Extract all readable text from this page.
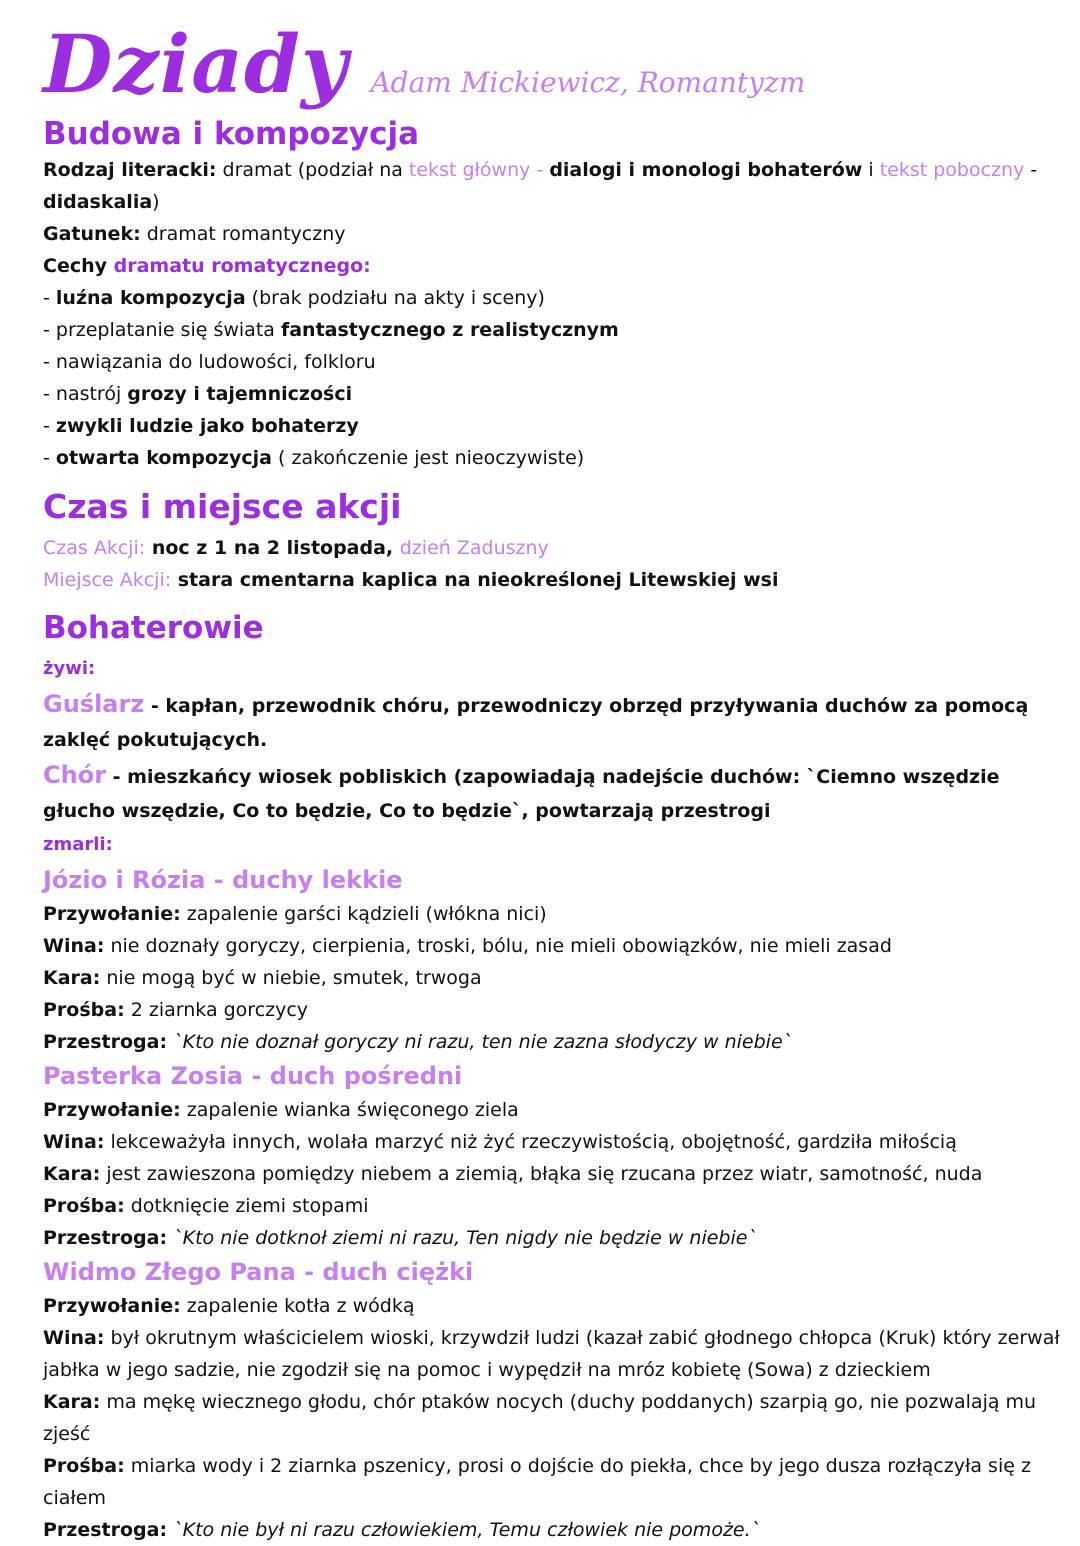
Dziady Adam Mickiewicz, Romantyzm
Budowa i kompozycja
Rodzaj literacki: dramat (podział na tekst główny - dialogi i monologi bohaterów i tekst poboczny -
didaskalia)
Gatunek: dramat romantyczny
Cechy dramatu romatycznego:
- luźna kompozycja (brak podziału na akty i sceny)
- przeplatanie się świata fantastycznego z realistycznym
- nawiązania do ludowości, folkloru
- nastrój grozy i tajemniczości
- zwykli ludzie jako bohaterzy
- otwarta kompozycja ( zakończenie jest nieoczywiste)
Czas i miejsce akcji
Czas Akcji: noc z 1 na 2 listopada, dzień Zaduszny
Miejsce Akcji: stara cmentarna kaplica na nieokreślonej Litewskiej wsi
Bohaterowie
żywi:
Guślarz - kapłan, przewodnik chóru, przewodniczy obrzęd przyływania duchów za pomocą zaklęć pokutujących.
Chór - mieszkańcy wiosek pobliskich (zapowiadają nadejście duchów: `Ciemno wszędzie głucho wszędzie, Co to będzie, Co to będzie`, powtarzają przestrogi
zmarli:
Józio i Rózia - duchy lekkie
Przywołanie: zapalenie garści kądzieli (włókna nici)
Wina: nie doznały goryczy, cierpienia, troski, bólu, nie mieli obowiązków, nie mieli zasad
Kara: nie mogą być w niebie, smutek, trwoga
Prośba: 2 ziarnka gorczycy
Przestroga: `Kto nie doznał goryczy ni razu, ten nie zazna słodyczy w niebie`
Pasterka Zosia - duch pośredni
Przywołanie: zapalenie wianka święconego ziela
Wina: lekceważyła innych, wolała marzyć niż żyć rzeczywistością, obojętność, gardziła miłością
Kara: jest zawieszona pomiędzy niebem a ziemią, błąka się rzucana przez wiatr, samotność, nuda
Prośba: dotknięcie ziemi stopami
Przestroga: `Kto nie dotknoł ziemi ni razu, Ten nigdy nie będzie w niebie`
Widmo Złego Pana - duch ciężki
Przywołanie: zapalenie kotła z wódką
Wina: był okrutnym właścicielem wioski, krzywdził ludzi (kazał zabić głodnego chłopca (Kruk) który zerwał jabłka w jego sadzie, nie zgodził się na pomoc i wypędził na mróz kobietę (Sowa) z dzieckiem
Kara: ma mękę wiecznego głodu, chór ptaków nocych (duchy poddanych) szarpią go, nie pozwalają mu zjeść
Prośba: miarka wody i 2 ziarnka pszenicy, prosi o dojście do piekła, chce by jego dusza rozłączyła się z ciałem
Przestroga: `Kto nie był ni razu człowiekiem, Temu człowiek nie pomoże.`
